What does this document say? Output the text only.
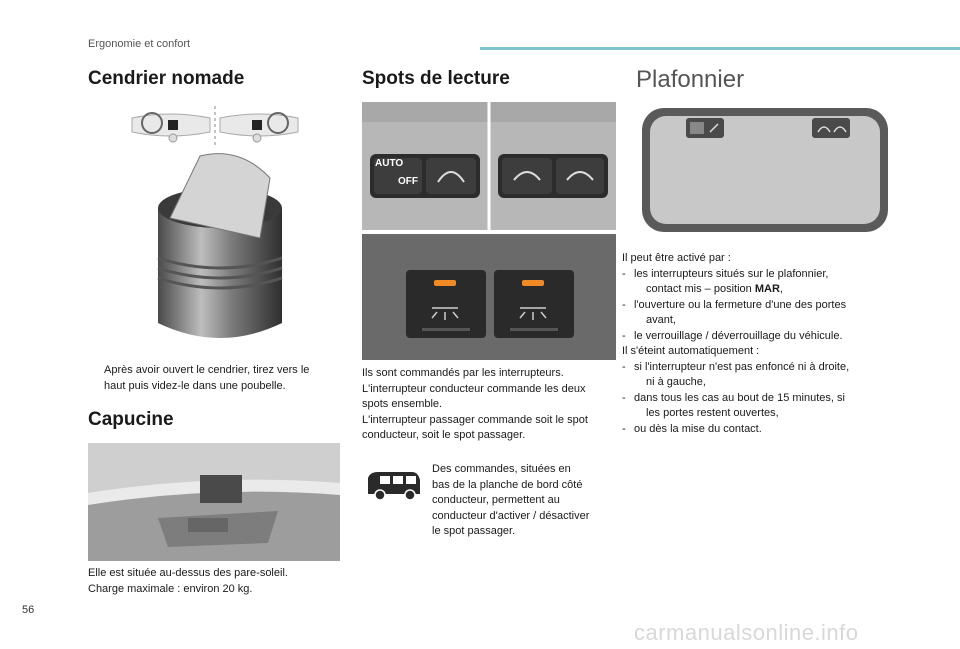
Ergonomie et confort
Cendrier nomade
Après avoir ouvert le cendrier, tirez vers le
haut puis videz-le dans une poubelle.
Capucine
Elle est située au-dessus des pare-soleil.
Charge maximale : environ 20 kg.
Spots de lecture
AUTO
OFF
Ils sont commandés par les interrupteurs.
L'interrupteur conducteur commande les deux
spots ensemble.
L'interrupteur passager commande soit le spot
conducteur, soit le spot passager.
Des commandes, situées en
bas de la planche de bord côté
conducteur, permettent au
conducteur d'activer / désactiver
le spot passager.
Plafonnier
Il peut être activé par :
- les interrupteurs situés sur le plafonnier,
contact mis – position MAR,
- l'ouverture ou la fermeture d'une des portes
avant,
- le verrouillage / déverrouillage du véhicule.
Il s'éteint automatiquement :
- si l'interrupteur n'est pas enfoncé ni à droite,
ni à gauche,
- dans tous les cas au bout de 15 minutes, si
les portes restent ouvertes,
- ou dès la mise du contact.
56
carmanualsonline.info
